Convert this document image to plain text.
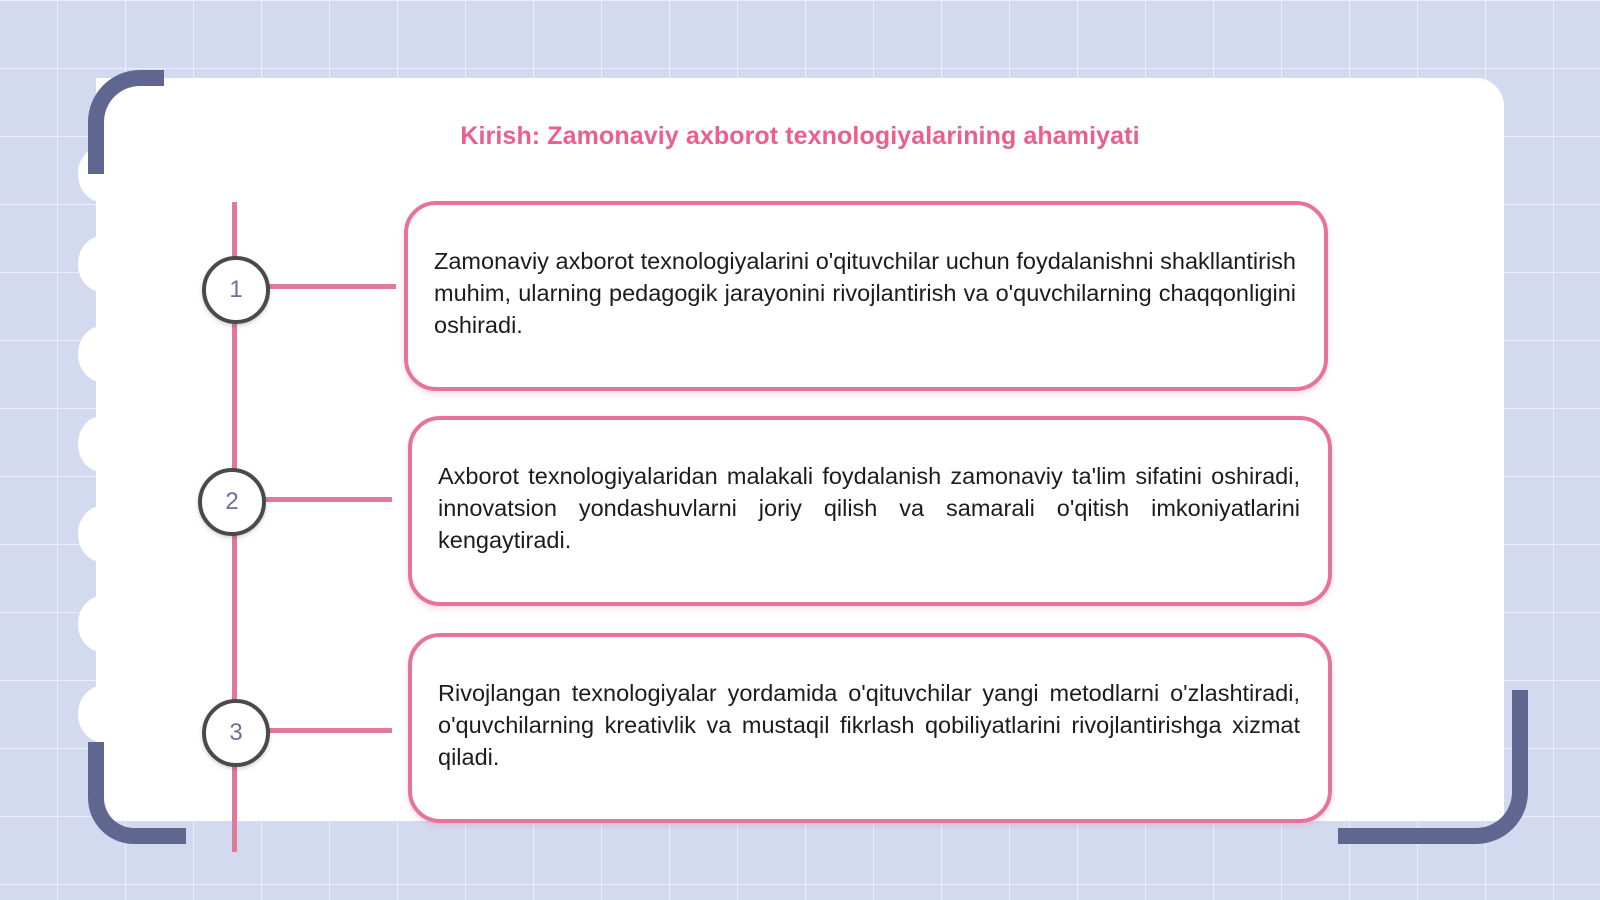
Kirish: Zamonaviy axborot texnologiyalarining ahamiyati
1
2
3

Zamonaviy axborot texnologiyalarini o'qituvchilar uchun foydalanishni shakllantirish muhim, ularning pedagogik jarayonini rivojlantirish va o'quvchilarning chaqqonligini oshiradi.

Axborot texnologiyalaridan malakali foydalanish zamonaviy ta'lim sifatini oshiradi, innovatsion yondashuvlarni joriy qilish va samarali o'qitish imkoniyatlarini kengaytiradi.

Rivojlangan texnologiyalar yordamida o'qituvchilar yangi metodlarni o'zlashtiradi, o'quvchilarning kreativlik va mustaqil fikrlash qobiliyatlarini rivojlantirishga xizmat qiladi.
